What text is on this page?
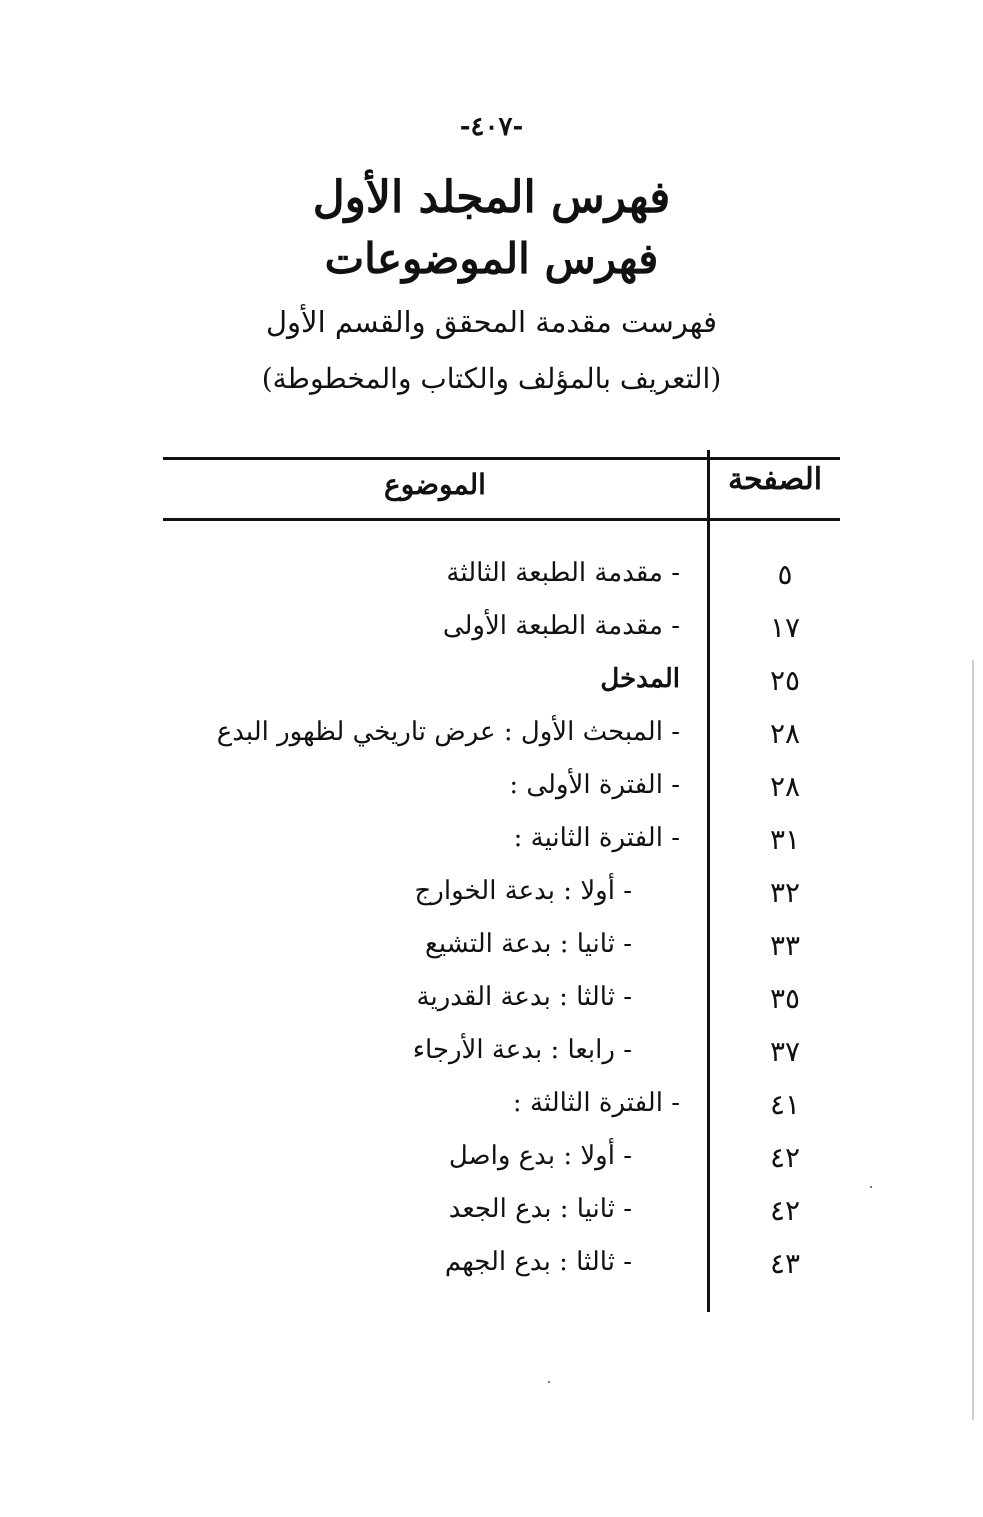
-٤٠٧-
فهرس المجلد الأول
فهرس الموضوعات
فهرست مقدمة المحقق والقسم الأول
(التعريف بالمؤلف والكتاب والمخطوطة)
الموضوع	الصفحة
٥
- مقدمة الطبعة الثالثة
١٧
- مقدمة الطبعة الأولى
٢٥
المدخل
٢٨
- المبحث الأول : عرض تاريخي لظهور البدع
٢٨
- الفترة الأولى :
٣١
- الفترة الثانية :
٣٢
- أولا : بدعة الخوارج
٣٣
- ثانيا : بدعة التشيع
٣٥
- ثالثا : بدعة القدرية
٣٧
- رابعا : بدعة الأرجاء
٤١
- الفترة الثالثة :
٤٢
- أولا : بدع واصل
٤٢
- ثانيا : بدع الجعد
٤٣
- ثالثا : بدع الجهم
